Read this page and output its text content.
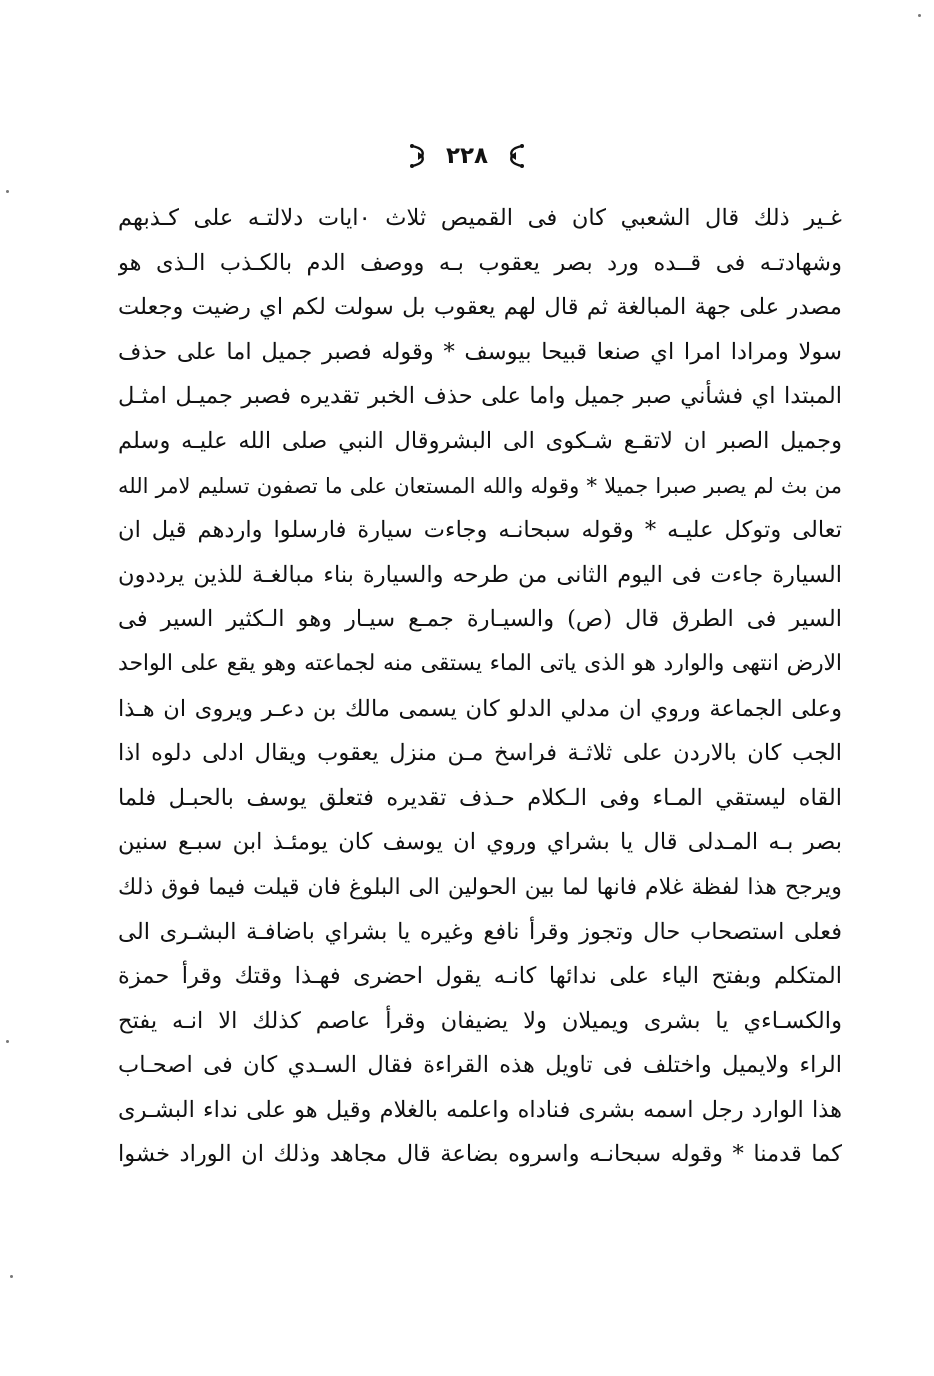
٢٢٨
غـير ذلك قال الشعبي كان فى القميص ثلاث ٠ايات دلالتـه على كـذبهم
وشهادتـه فى قــده ورد بصر يعقوب بـه ووصف الدم بالكـذب الـذى هو
مصدر على جهة المبالغة ثم قال لهم يعقوب بل سولت لكم اي رضيت وجعلت
سولا ومرادا امرا اي صنعا قبيحا بيوسف * وقوله فصبر جميل اما على حذف
المبتدا اي فشأني صبر جميل واما على حذف الخبر تقديره فصبر جميـل امثـل
وجميل الصبر ان لاتقـع شـكوى الى البشروقال النبي صلى الله عليـه وسلم
من بث لم يصبر صبرا جميلا * وقوله والله المستعان على ما تصفون تسليم لامر الله
تعالى وتوكل عليـه * وقوله سبحانـه وجاءت سيارة فارسلوا واردهم قيل ان
السيارة جاءت فى اليوم الثانى من طرحه والسيارة بناء مبالغـة للذين يرددون
السير فى الطرق قال (ص) والسيـارة جمـع سيـار وهو الـكثير السير فى
الارض انتهى والوارد هو الذى ياتى الماء يستقى منه لجماعته وهو يقع على الواحد
وعلى الجماعة وروي ان مدلي الدلو كان يسمى مالك بن دعـر ويروى ان هـذا
الجب كان بالاردن على ثلاثـة فراسخ مـن منزل يعقوب ويقال ادلى دلوه اذا
القاه ليستقي المـاء وفى الـكلام حـذف تقديره فتعلق يوسف بالحبـل فلما
بصر بـه المـدلى قال يا بشراي وروي ان يوسف كان يومئـذ ابن سبـع سنين
ويرجح هذا لفظة غلام فانها لما بين الحولين الى البلوغ فان قيلت فيما فوق ذلك
فعلى استصحاب حال وتجوز وقرأ نافع وغيره يا بشراي باضافـة البشـرى الى
المتكلم وبفتح الياء على ندائها كانـه يقول احضرى فهـذا وقتك وقرأ حمزة
والكسـاءي يا بشرى ويميلان ولا يضيفان وقرأ عاصم كذلك الا انـه يفتح
الراء ولايميل واختلف فى تاويل هذه القراءة فقال السـدي كان فى اصحـاب
هذا الوارد رجل اسمه بشرى فناداه واعلمه بالغلام وقيل هو على نداء البشـرى
كما قدمنا * وقوله سبحانـه واسروه بضاعة قال مجاهد وذلك ان الوراد خشوا
